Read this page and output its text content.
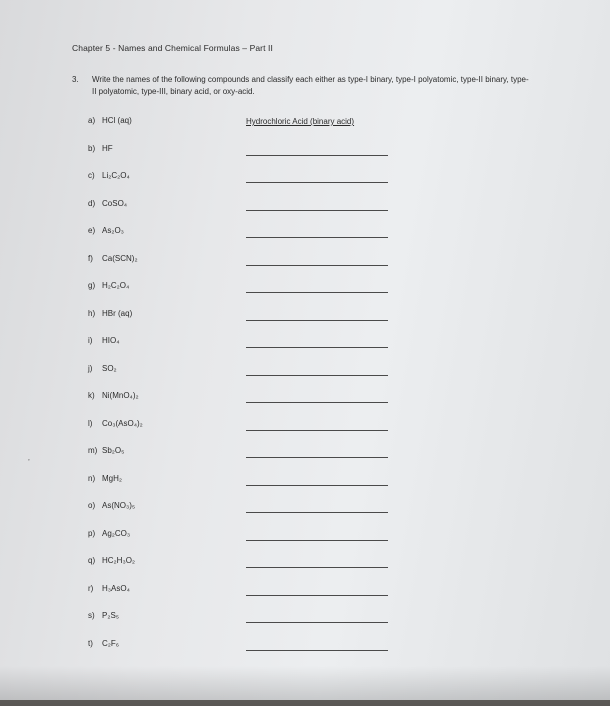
Chapter 5 - Names and Chemical Formulas – Part II
3. Write the names of the following compounds and classify each either as type-I binary, type-I polyatomic, type-II binary, type-II polyatomic, type-III, binary acid, or oxy-acid.
’
a) HCl (aq)	Hydrochloric Acid (binary acid)
b) HF
c) Li₂C₂O₄
d) CoSO₄
e) As₂O₃
f) Ca(SCN)₂
g) H₂C₂O₄
h) HBr (aq)
i) HIO₄
j) SO₂
k) Ni(MnO₄)₂
l) Co₃(AsO₄)₂
m) Sb₂O₅
n) MgH₂
o) As(NO₃)₅
p) Ag₂CO₃
q) HC₂H₃O₂
r) H₃AsO₄
s) P₂S₅
t) C₂F₆
